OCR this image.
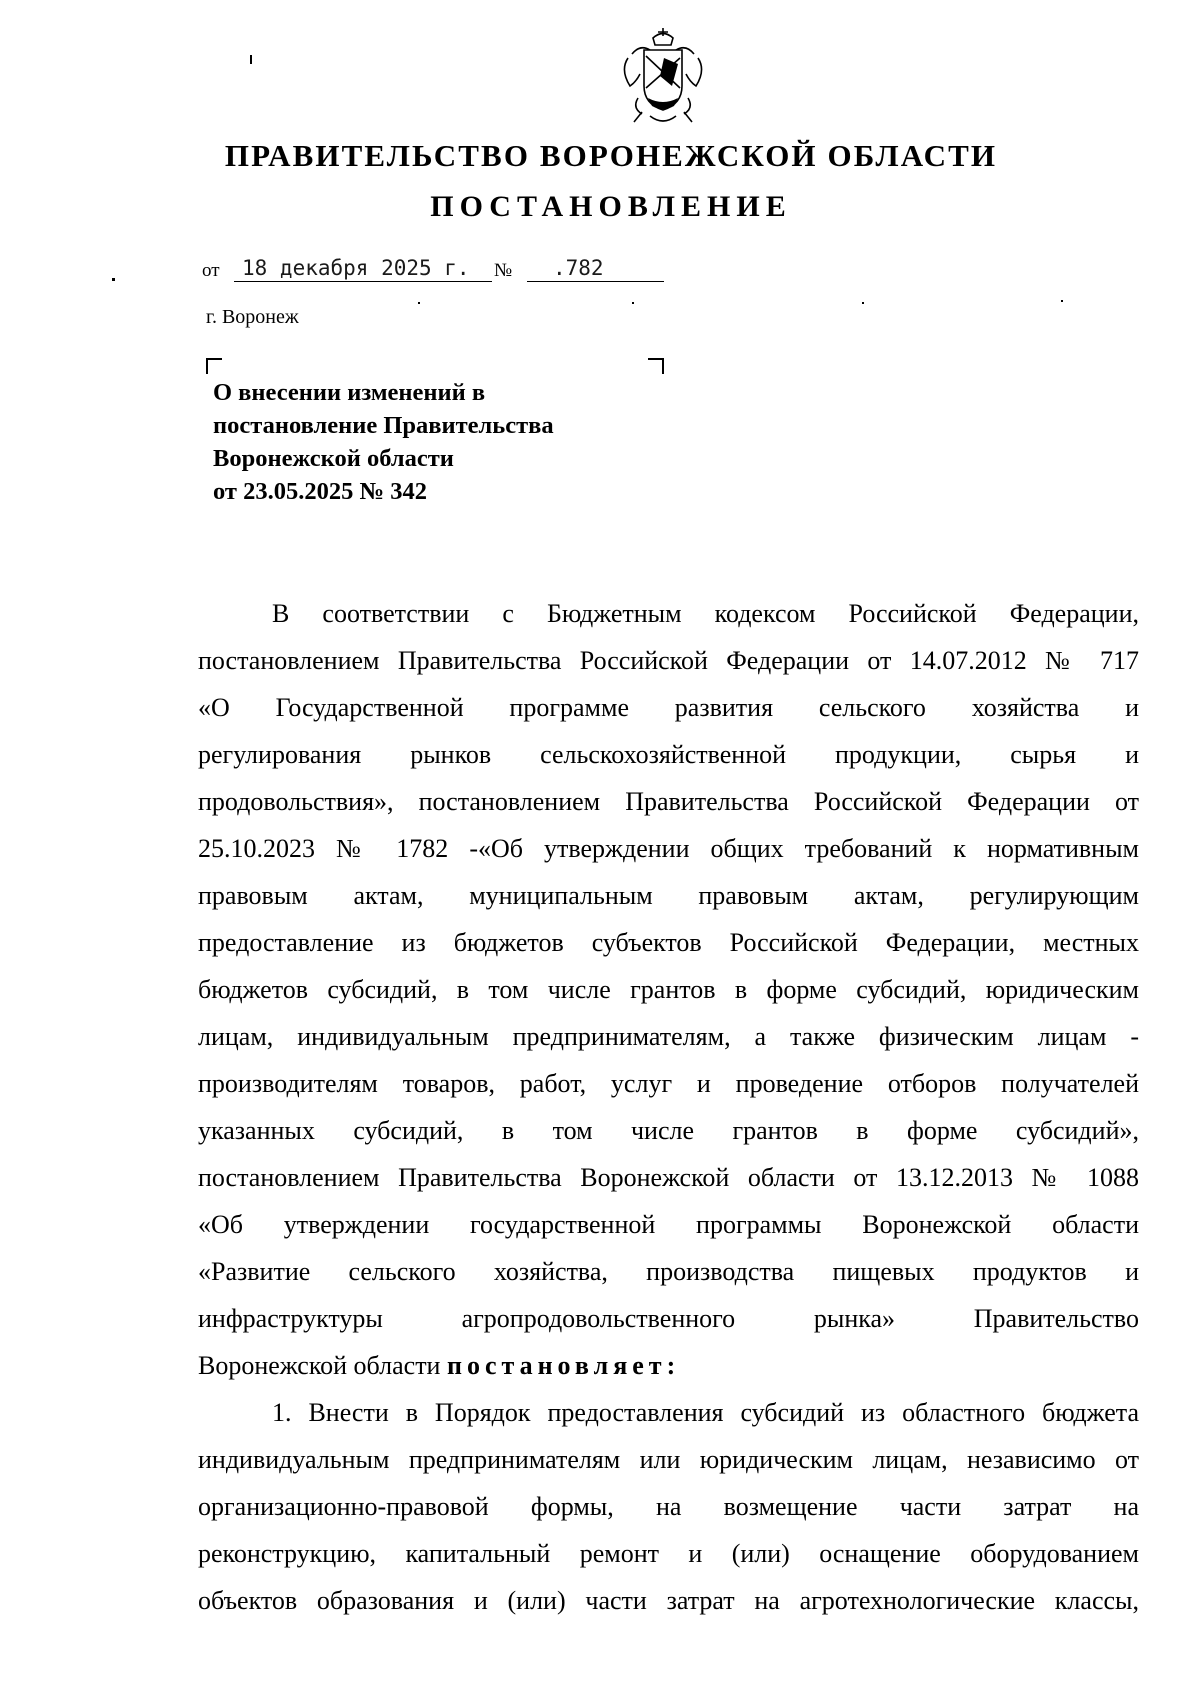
ПРАВИТЕЛЬСТВО ВОРОНЕЖСКОЙ ОБЛАСТИ
ПОСТАНОВЛЕНИЕ
от 18 декабря 2025 г. № .782
г. Воронеж
О внесении изменений в
постановление Правительства
Воронежской области
от 23.05.2025 № 342
В соответствии с Бюджетным кодексом Российской Федерации,
постановлением Правительства Российской Федерации от 14.07.2012 № 717
«О Государственной программе развития сельского хозяйства и
регулирования рынков сельскохозяйственной продукции, сырья и
продовольствия», постановлением Правительства Российской Федерации от
25.10.2023 № 1782 -«Об утверждении общих требований к нормативным
правовым актам, муниципальным правовым актам, регулирующим
предоставление из бюджетов субъектов Российской Федерации, местных
бюджетов субсидий, в том числе грантов в форме субсидий, юридическим
лицам, индивидуальным предпринимателям, а также физическим лицам -
производителям товаров, работ, услуг и проведение отборов получателей
указанных субсидий, в том числе грантов в форме субсидий»,
постановлением Правительства Воронежской области от 13.12.2013 № 1088
«Об утверждении государственной программы Воронежской области
«Развитие сельского хозяйства, производства пищевых продуктов и
инфраструктуры агропродовольственного рынка» Правительство
Воронежской области постановляет:
1. Внести в Порядок предоставления субсидий из областного бюджета
индивидуальным предпринимателям или юридическим лицам, независимо от
организационно-правовой формы, на возмещение части затрат на
реконструкцию, капитальный ремонт и (или) оснащение оборудованием
объектов образования и (или) части затрат на агротехнологические классы,
